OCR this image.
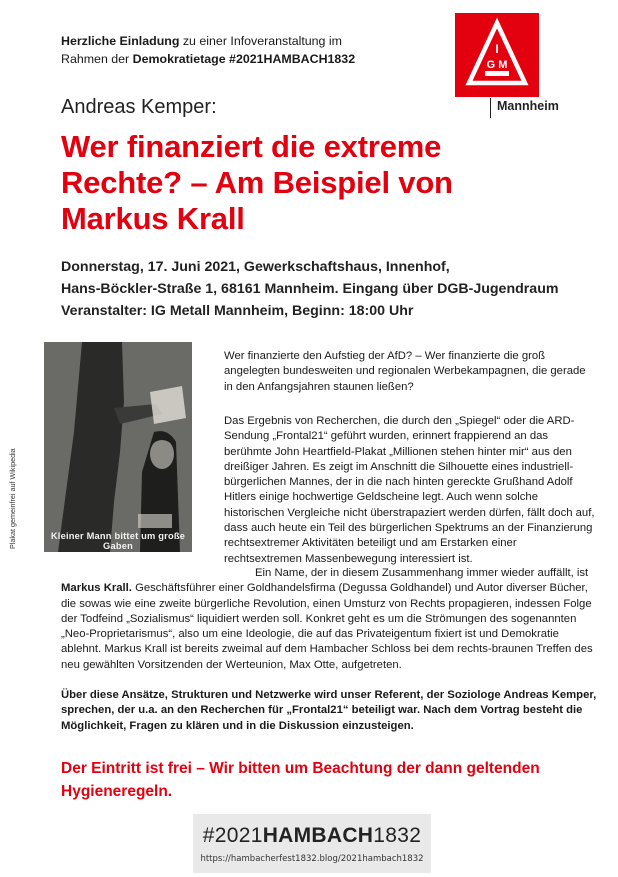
Herzliche Einladung zu einer Infoveranstaltung im
Rahmen der Demokratietage #2021HAMBACH1832
I
G M
Mannheim
Andreas Kemper:
Wer finanziert die extreme
Rechte? – Am Beispiel von
Markus Krall
Donnerstag, 17. Juni 2021, Gewerkschaftshaus, Innenhof,
Hans-Böckler-Straße 1, 68161 Mannheim. Eingang über DGB-Jugendraum
Veranstalter: IG Metall Mannheim, Beginn: 18:00 Uhr
Kleiner Mann bittet um große Gaben
Plakat gemeinfrei auf Wikipedia
Wer finanzierte den Aufstieg der AfD? – Wer finanzierte die groß angelegten bundesweiten und regionalen Werbekampagnen, die gerade in den Anfangsjahren staunen ließen?
Das Ergebnis von Recherchen, die durch den „Spiegel“ oder die ARD-Sendung „Frontal21“ geführt wurden, erinnert frappierend an das berühmte John Heartfield-Plakat „Millionen stehen hinter mir“ aus den dreißiger Jahren. Es zeigt im Anschnitt die Silhouette eines industriell-bürgerlichen Mannes, der in die nach hinten gereckte Grußhand Adolf Hitlers einige hochwertige Geldscheine legt. Auch wenn solche historischen Vergleiche nicht überstrapaziert werden dürfen, fällt doch auf, dass auch heute ein Teil des bürgerlichen Spektrums an der Finanzierung rechtsextremer Aktivitäten beteiligt und am Erstarken einer rechtsextremen Massenbewegung interessiert ist.
Ein Name, der in diesem Zusammenhang immer wieder auffällt, ist Markus Krall. Geschäftsführer einer Goldhandelsfirma (Degussa Goldhandel) und Autor diverser Bücher, die sowas wie eine zweite bürgerliche Revolution, einen Umsturz von Rechts propagieren, indessen Folge der Todfeind „Sozialismus“ liquidiert werden soll. Konkret geht es um die Strömungen des sogenannten „Neo-Proprietarismus“, also um eine Ideologie, die auf das Privateigentum fixiert ist und Demokratie ablehnt. Markus Krall ist bereits zweimal auf dem Hambacher Schloss bei dem rechts-braunen Treffen des neu gewählten Vorsitzenden der Werteunion, Max Otte, aufgetreten.
Über diese Ansätze, Strukturen und Netzwerke wird unser Referent, der Soziologe Andreas Kemper, sprechen, der u.a. an den Recherchen für „Frontal21“ beteiligt war. Nach dem Vortrag besteht die Möglichkeit, Fragen zu klären und in die Diskussion einzusteigen.
Der Eintritt ist frei – Wir bitten um Beachtung der dann geltenden
Hygieneregeln.
#2021HAMBACH1832
https://hambacherfest1832.blog/2021hambach1832
